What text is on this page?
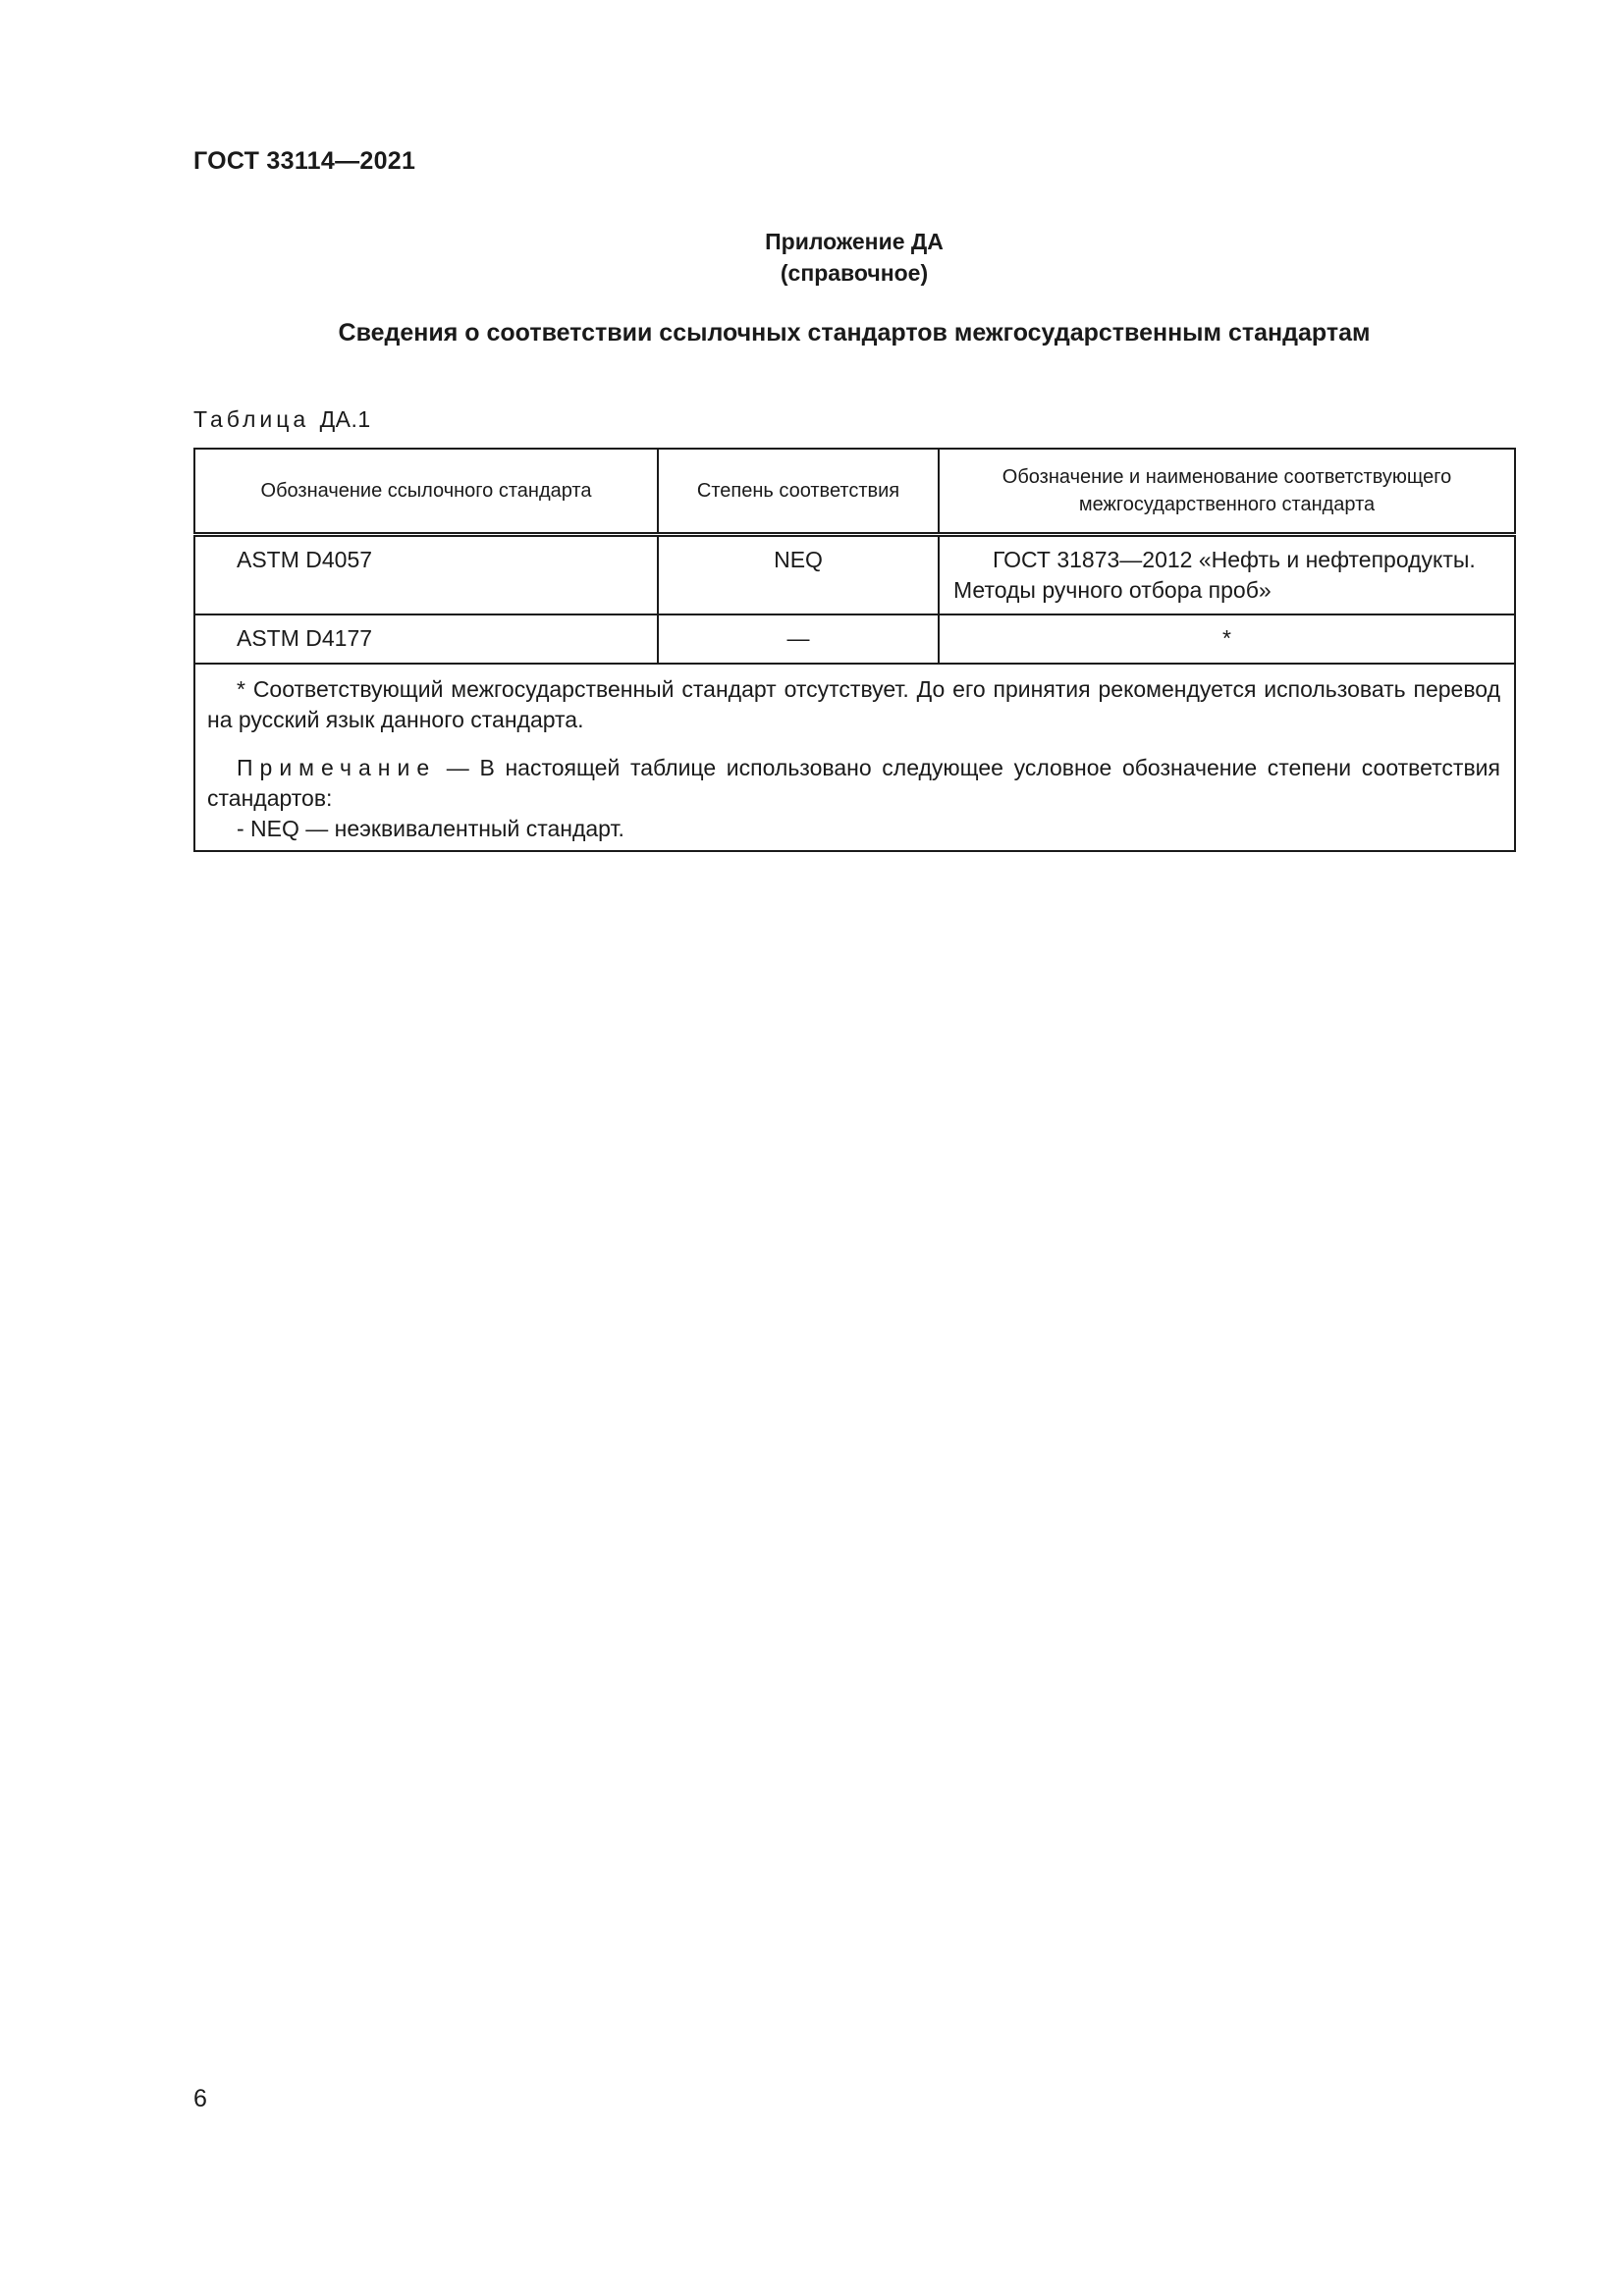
ГОСТ 33114—2021
Приложение ДА
(справочное)
Сведения о соответствии ссылочных стандартов межгосударственным стандартам
Таблица ДА.1
Обозначение ссылочного стандарта	Степень соответствия	Обозначение и наименование соответствующего межгосударственного стандарта
ASTM D4057	NEQ	ГОСТ 31873—2012 «Нефть и нефтепродукты. Методы ручного отбора проб»
ASTM D4177	—	*

* Соответствующий межгосударственный стандарт отсутствует. До его принятия рекомендуется использовать перевод на русский язык данного стандарта.

Примечание — В настоящей таблице использовано следующее условное обозначение степени соответствия стандартов:

- NEQ — неэквивалентный стандарт.		

6
